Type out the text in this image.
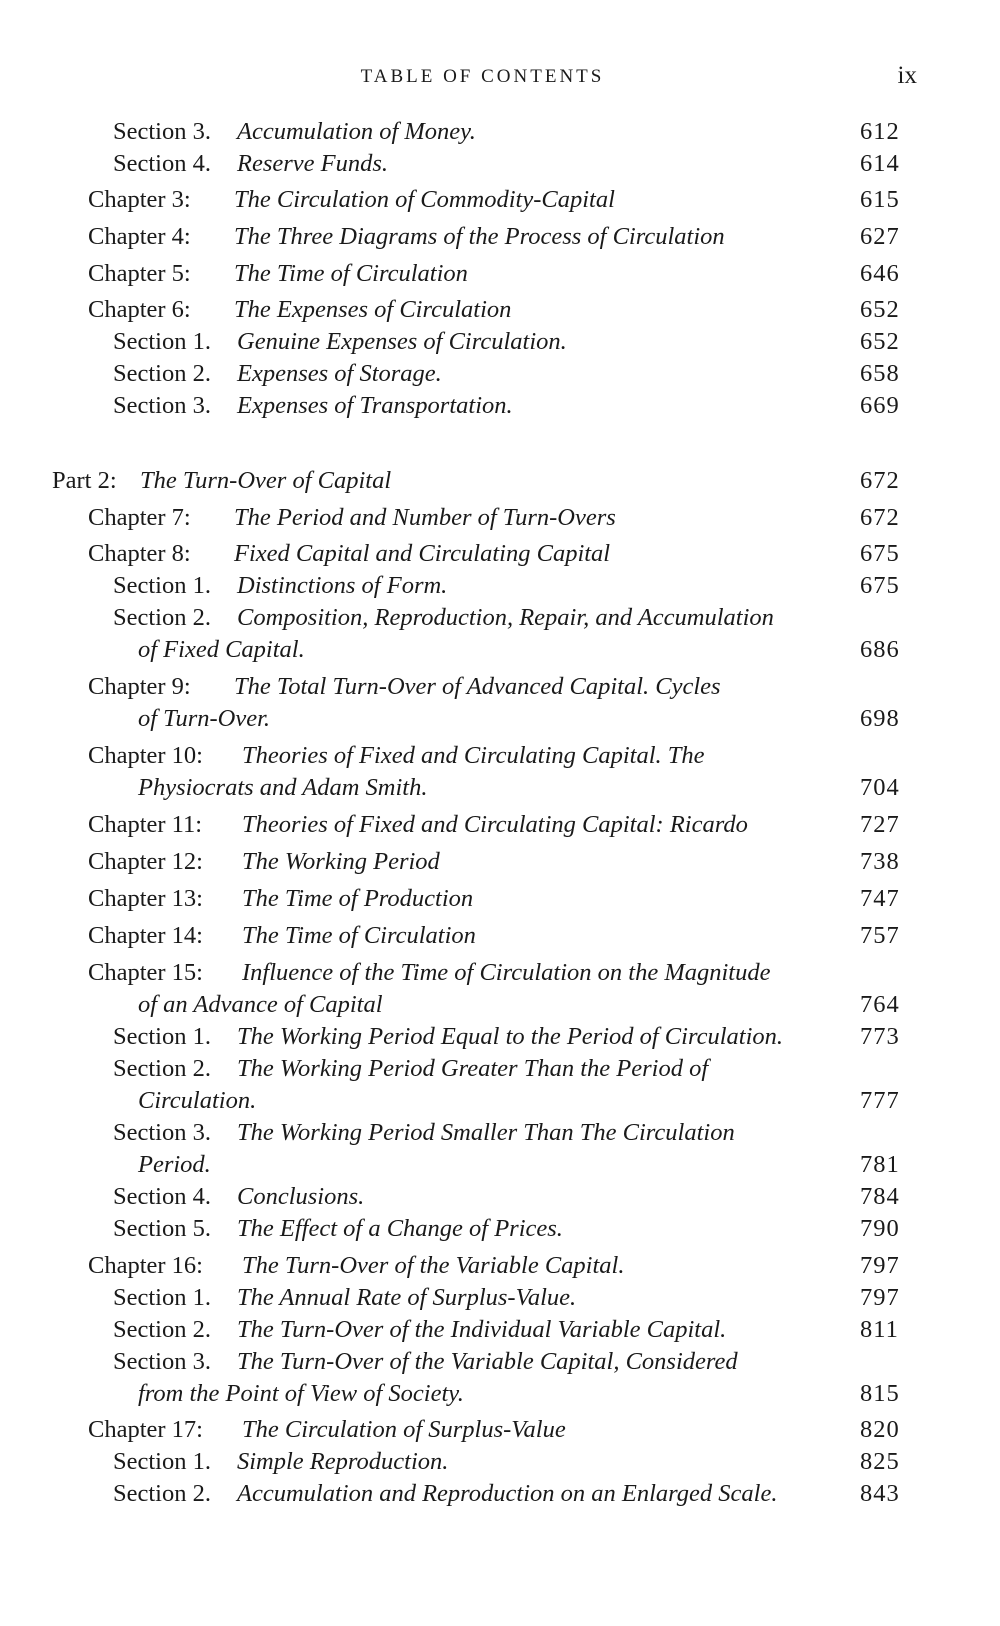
TABLE OF CONTENTS	ix
Section 3. Accumulation of Money.	612
Section 4. Reserve Funds.	614
Chapter 3: The Circulation of Commodity-Capital	615
Chapter 4: The Three Diagrams of the Process of Circulation	627
Chapter 5: The Time of Circulation	646
Chapter 6: The Expenses of Circulation	652
Section 1. Genuine Expenses of Circulation.	652
Section 2. Expenses of Storage.	658
Section 3. Expenses of Transportation.	669
Part 2: The Turn-Over of Capital	672
Chapter 7: The Period and Number of Turn-Overs	672
Chapter 8: Fixed Capital and Circulating Capital	675
Section 1. Distinctions of Form.	675
Section 2. Composition, Reproduction, Repair, and Accumulation
of Fixed Capital.	686
Chapter 9: The Total Turn-Over of Advanced Capital. Cycles
of Turn-Over.	698
Chapter 10: Theories of Fixed and Circulating Capital. The
Physiocrats and Adam Smith.	704
Chapter 11: Theories of Fixed and Circulating Capital: Ricardo	727
Chapter 12: The Working Period	738
Chapter 13: The Time of Production	747
Chapter 14: The Time of Circulation	757
Chapter 15: Influence of the Time of Circulation on the Magnitude
of an Advance of Capital	764
Section 1. The Working Period Equal to the Period of Circulation.	773
Section 2. The Working Period Greater Than the Period of
Circulation.	777
Section 3. The Working Period Smaller Than The Circulation
Period.	781
Section 4. Conclusions.	784
Section 5. The Effect of a Change of Prices.	790
Chapter 16: The Turn-Over of the Variable Capital.	797
Section 1. The Annual Rate of Surplus-Value.	797
Section 2. The Turn-Over of the Individual Variable Capital.	811
Section 3. The Turn-Over of the Variable Capital, Considered
from the Point of View of Society.	815
Chapter 17: The Circulation of Surplus-Value	820
Section 1. Simple Reproduction.	825
Section 2. Accumulation and Reproduction on an Enlarged Scale.	843
